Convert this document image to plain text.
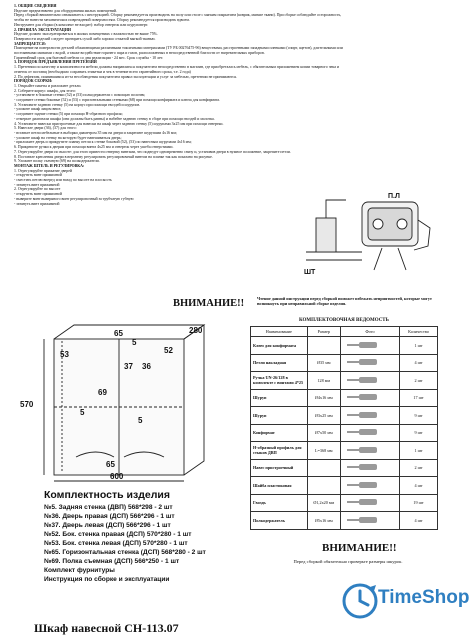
1. ОБЩИЕ СВЕДЕНИЯ
Изделие предназначено для оборудования жилых помещений.
Перед сборкой внимательно ознакомьтесь с инструкцией. Сборку рекомендуется производить на полу или столе с мягким покрытием (коврик, мягкие ткани). При сборке соблюдайте осторожность,
чтобы не нанести механических повреждений поверхностям. Сборку рекомендуется производить вдвоем.
Инструмент для сборки (в комплект не входит): набор отверток или шуруповерт.
2. ПРАВИЛА ЭКСПЛУАТАЦИИ
Изделие должно эксплуатироваться в жилых помещениях с влажностью не выше 75%.
Поверхности изделий следует протирать сухой либо хорошо отжатой мягкой тканью.
ЗАПРЕЩАЕТСЯ:
Помещение на поверхности деталей обжигающими различными токсичными материалами (ТУ РБ 00276475-96) веществами, расстроенными западными пленками (спирт, ацетон), длительными или
постоянными мягкими с водой, а также воздействие горячего пара и газов, расположенных в непосредственной близости от нагревательных приборов.
Гарантийный срок для бытовой мебели со дня реализации - 24 мес. Срок службы - 10 лет.
3. ПОРЯДОК ПРЕДЪЯВЛЕНИЯ ПРЕТЕНЗИЙ
1. Претензии по качеству и комплектности мебели должны направляться покупателем непосредственно в магазин, где приобреталась мебель, с обязательным приложением копии товарного чека и
отметок от поставщ (необходимо сохранять этикетки и чек в течение всего гарантийного срока, т.е. 2 года)
2. По дефектам, появившимся из-за несоблюдения покупателем правил эксплуатации и услуг за мебелью, претензии не принимаются.
ПОРЯДОК СБОРКИ:
1. Открыйте пакеты и разложите детали.
2. Соберите корпус шкафа, для этого:
- установите в боковые стенки (52) и (53) полкодержатели с помощью полочек;
- соедините стенки боковые (52) и (53) с горизонтальными стенками (68) при помощи конфирмата и ключа для конфирмата.
3. Установите заднюю стенку (5) на корпус при помощи гвоздей и шурупов.
- уложите шкаф лицом вниз;
- соедините задние стенки (5) при помощи Н-образного профиля;
- отмерьте диагонали шкафа (они должны быть равны) и набейте заднюю стенку в сборе при помощи гвоздей и молотка.
4. Установите навески пристроечные для навески на шкаф через заднюю стенку (5) шурупами 3х25 мм при помощи отвертки.
5. Навесьте двери (36), (37) для этого:
- вставьте петли мебельные в выборки диаметром 35 мм на двери и закрепите шурупами 4х16 мм;
- уложите шкаф на стенку на которую будет навешиваться дверь;
- приложите дверь и прикрутите планку петли к стенке боковой (52), (53) по навесным шурупами 4х16 мм;
6. Прикрепите ручки к дверям при помощи винта 4х25 мм и отверток через ушеба отверстиями.
7. Отрегулируйте двери по высоте: для этого привести отвертку винтами, что подведут одновременно снизу и, установив двери в нужное положение, закрепите петли.
8. Поставьте крепления двери в верхнему регулировать регулировочный винтом на планке так как показано на рисунке.
9. Уложите полку съемную (69) на полкодержатели.
МОНТАЖ ШТЕЛЬ И РЕГУЛИРОВКА:
1. Отрегулируйте прижатие дверей
- открутить винт прижимной
- сместить петлю вперед или назад по высоте на плоскость
- затянуть винт прижимной
2. Отрегулируйте по высоте
- открутить винт прижимной
- выверите винт выверяного винт регулировочный за трубчатую губную
- затянуть винт прижимной
П.Л
ШТ
ВНИМАНИЕ!!	Чтение данной инструкции перед сборкой поможет избежать неприятностей, которые могут возникнуть при неправильной сборке изделия.
280
570
600
65
53	52
69
37 36
5
65
5
5
КОМПЛЕКТОВОЧНАЯ ВЕДОМОСТЬ
Наименование	Размер	Фото	Количество
Ключ для конфирмата			1 шт
Петли накладная	Ø35 мм		4 шт
Ручка UN-26/128 в комплекте с винтами 4*25	128 мм		2 шт
Шуруп	Ø4х16 мм		17 шт
Шуруп	Ø3х25 мм		9 шт
Конфирмат	Ø7х50 мм		9 шт
Н-образный профиль для стыков ДВП	L=368 мм		1 шт
Навес пристроечный			2 шт
Шайба пластиковая			4 шт
Гвоздь	Ø1,2х20 мм		19 шт
Полкодержатель	Ø5х16 мм		4 шт
Комплектность изделия
№5. Задняя стенка (ДВП) 568*298 - 2 шт
№36. Дверь правая (ДСП) 566*296 - 1 шт
№37. Дверь левая (ДСП) 566*296 - 1 шт
№52. Бок. стенка правая (ДСП) 570*280 - 1 шт
№53. Бок. стенка левая (ДСП) 570*280 - 1 шт
№65. Горизонтальная стенка (ДСП) 568*280 - 2 шт
№69. Полка съемная (ДСП) 566*250 - 1 шт
Комплект фурнитуры
Инструкция по сборке и эксплуатации
ВНИМАНИЕ!!
Перед сборкой обязательно проверьте размеры шкурок.
Шкаф навесной СН-113.07
TimeShop
